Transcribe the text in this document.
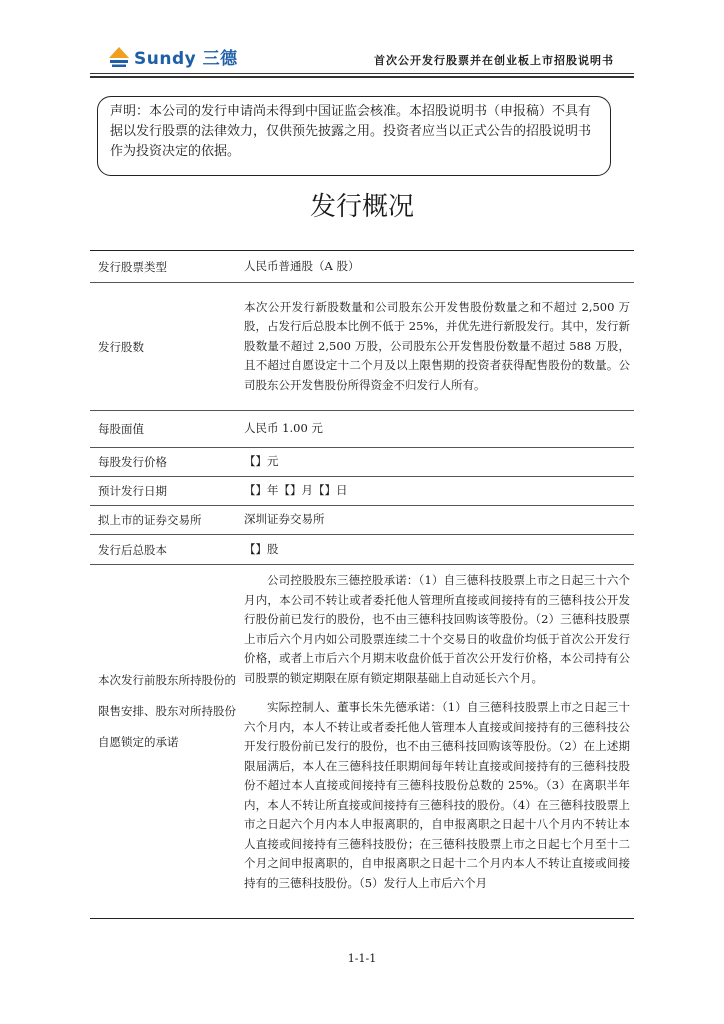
Sundy 三德	首次公开发行股票并在创业板上市招股说明书
声明：本公司的发行申请尚未得到中国证监会核准。本招股说明书（申报稿）不具有据以发行股票的法律效力，仅供预先披露之用。投资者应当以正式公告的招股说明书作为投资决定的依据。
发行概况
发行股票类型	人民币普通股（A 股）

发行股数	本次公开发行新股数量和公司股东公开发售股份数量之和不超过 2,500 万股，占发行后总股本比例不低于 25%，并优先进行新股发行。其中，发行新股数量不超过 2,500 万股，公司股东公开发售股份数量不超过 588 万股，且不超过自愿设定十二个月及以上限售期的投资者获得配售股份的数量。公司股东公开发售股份所得资金不归发行人所有。

每股面值	人民币 1.00 元

每股发行价格	【】元

预计发行日期	【】年【】月【】日

拟上市的证券交易所	深圳证券交易所

发行后总股本	【】股

本次发行前股东所持股份的限售安排、股东对所持股份自愿锁定的承诺	公司控股股东三德控股承诺：（1）自三德科技股票上市之日起三十六个月内，本公司不转让或者委托他人管理所直接或间接持有的三德科技公开发行股份前已发行的股份，也不由三德科技回购该等股份。（2）三德科技股票上市后六个月内如公司股票连续二十个交易日的收盘价均低于首次公开发行价格，或者上市后六个月期末收盘价低于首次公开发行价格，本公司持有公司股票的锁定期限在原有锁定期限基础上自动延长六个月。

实际控制人、董事长朱先德承诺：（1）自三德科技股票上市之日起三十六个月内，本人不转让或者委托他人管理本人直接或间接持有的三德科技公开发行股份前已发行的股份，也不由三德科技回购该等股份。（2）在上述期限届满后，本人在三德科技任职期间每年转让直接或间接持有的三德科技股份不超过本人直接或间接持有三德科技股份总数的 25%。（3）在离职半年内，本人不转让所直接或间接持有三德科技的股份。（4）在三德科技股票上市之日起六个月内本人申报离职的，自申报离职之日起十八个月内不转让本人直接或间接持有三德科技股份；在三德科技股票上市之日起七个月至十二个月之间申报离职的，自申报离职之日起十二个月内本人不转让直接或间接持有的三德科技股份。（5）发行人上市后六个月

1-1-1
